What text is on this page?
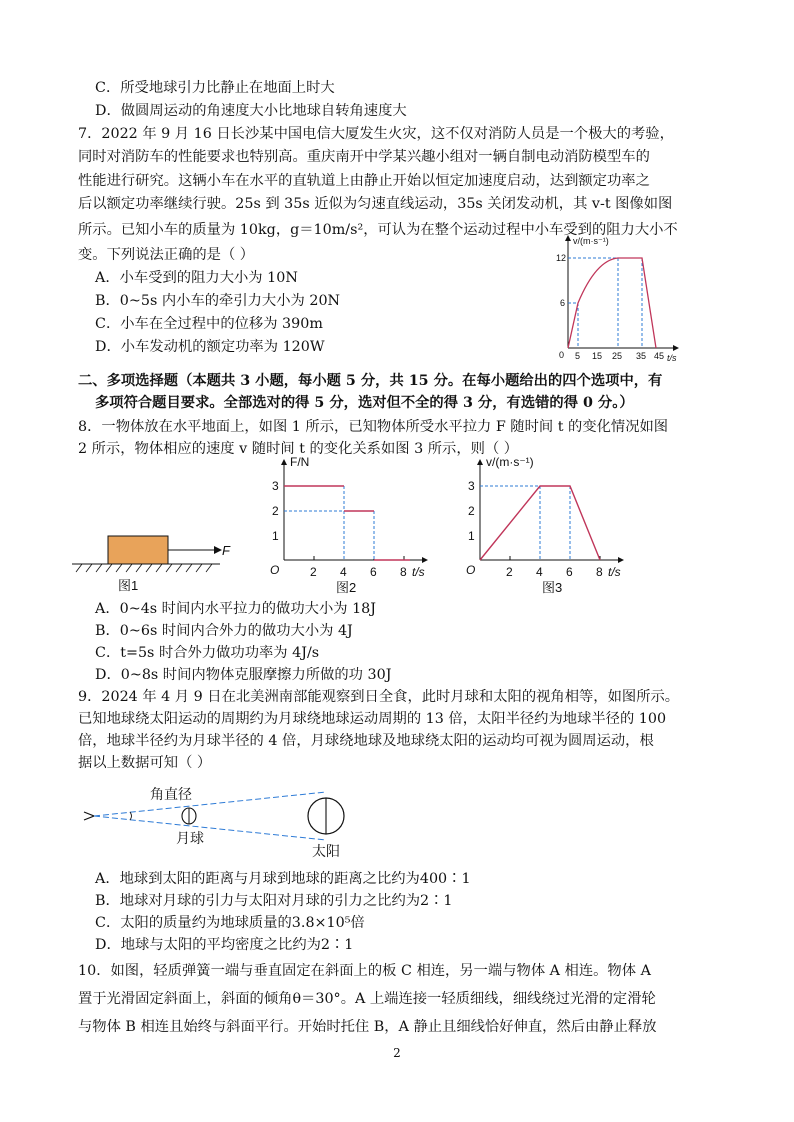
C．所受地球引力比静止在地面上时大
D．做圆周运动的角速度大小比地球自转角速度大
7．2022 年 9 月 16 日长沙某中国电信大厦发生火灾，这不仅对消防人员是一个极大的考验，
同时对消防车的性能要求也特别高。重庆南开中学某兴趣小组对一辆自制电动消防模型车的
性能进行研究。这辆小车在水平的直轨道上由静止开始以恒定加速度启动，达到额定功率之
后以额定功率继续行驶。25s 到 35s 近似为匀速直线运动，35s 关闭发动机，其 v-t 图像如图
所示。已知小车的质量为 10kg，g＝10m/s²，可认为在整个运动过程中小车受到的阻力大小不
变。下列说法正确的是（ ）
A．小车受到的阻力大小为 10N
B．0~5s 内小车的牵引力大小为 20N
C．小车在全过程中的位移为 390m
D．小车发动机的额定功率为 120W
v/(m·s⁻¹)
t/s
0
6
12
5 15 25 35 45
二、多项选择题（本题共 3 小题，每小题 5 分，共 15 分。在每小题给出的四个选项中，有
多项符合题目要求。全部选对的得 5 分，选对但不全的得 3 分，有选错的得 0 分。）
8．一物体放在水平地面上，如图 1 所示，已知物体所受水平拉力 F 随时间 t 的变化情况如图
2 所示，物体相应的速度 v 随时间 t 的变化关系如图 3 所示，则（ ）
F
图1
F/N
t/s
O
1
2
3
2 4 6 8
图2
v/(m·s⁻¹)
t/s
O
1
2
3
2 4 6 8
图3
A．0~4s 时间内水平拉力的做功大小为 18J
B．0~6s 时间内合外力的做功大小为 4J
C．t=5s 时合外力做功功率为 4J/s
D．0~8s 时间内物体克服摩擦力所做的功 30J
9．2024 年 4 月 9 日在北美洲南部能观察到日全食，此时月球和太阳的视角相等，如图所示。
已知地球绕太阳运动的周期约为月球绕地球运动周期的 13 倍，太阳半径约为地球半径的 100
倍，地球半径约为月球半径的 4 倍，月球绕地球及地球绕太阳的运动均可视为圆周运动，根
据以上数据可知（ ）
角直径
月球
太阳
A．地球到太阳的距离与月球到地球的距离之比约为400∶1
B．地球对月球的引力与太阳对月球的引力之比约为2∶1
C．太阳的质量约为地球质量的3.8×10⁵倍
D．地球与太阳的平均密度之比约为2∶1
10．如图，轻质弹簧一端与垂直固定在斜面上的板 C 相连，另一端与物体 A 相连。物体 A
置于光滑固定斜面上，斜面的倾角θ＝30°。A 上端连接一轻质细线，细线绕过光滑的定滑轮
与物体 B 相连且始终与斜面平行。开始时托住 B，A 静止且细线恰好伸直，然后由静止释放
2
